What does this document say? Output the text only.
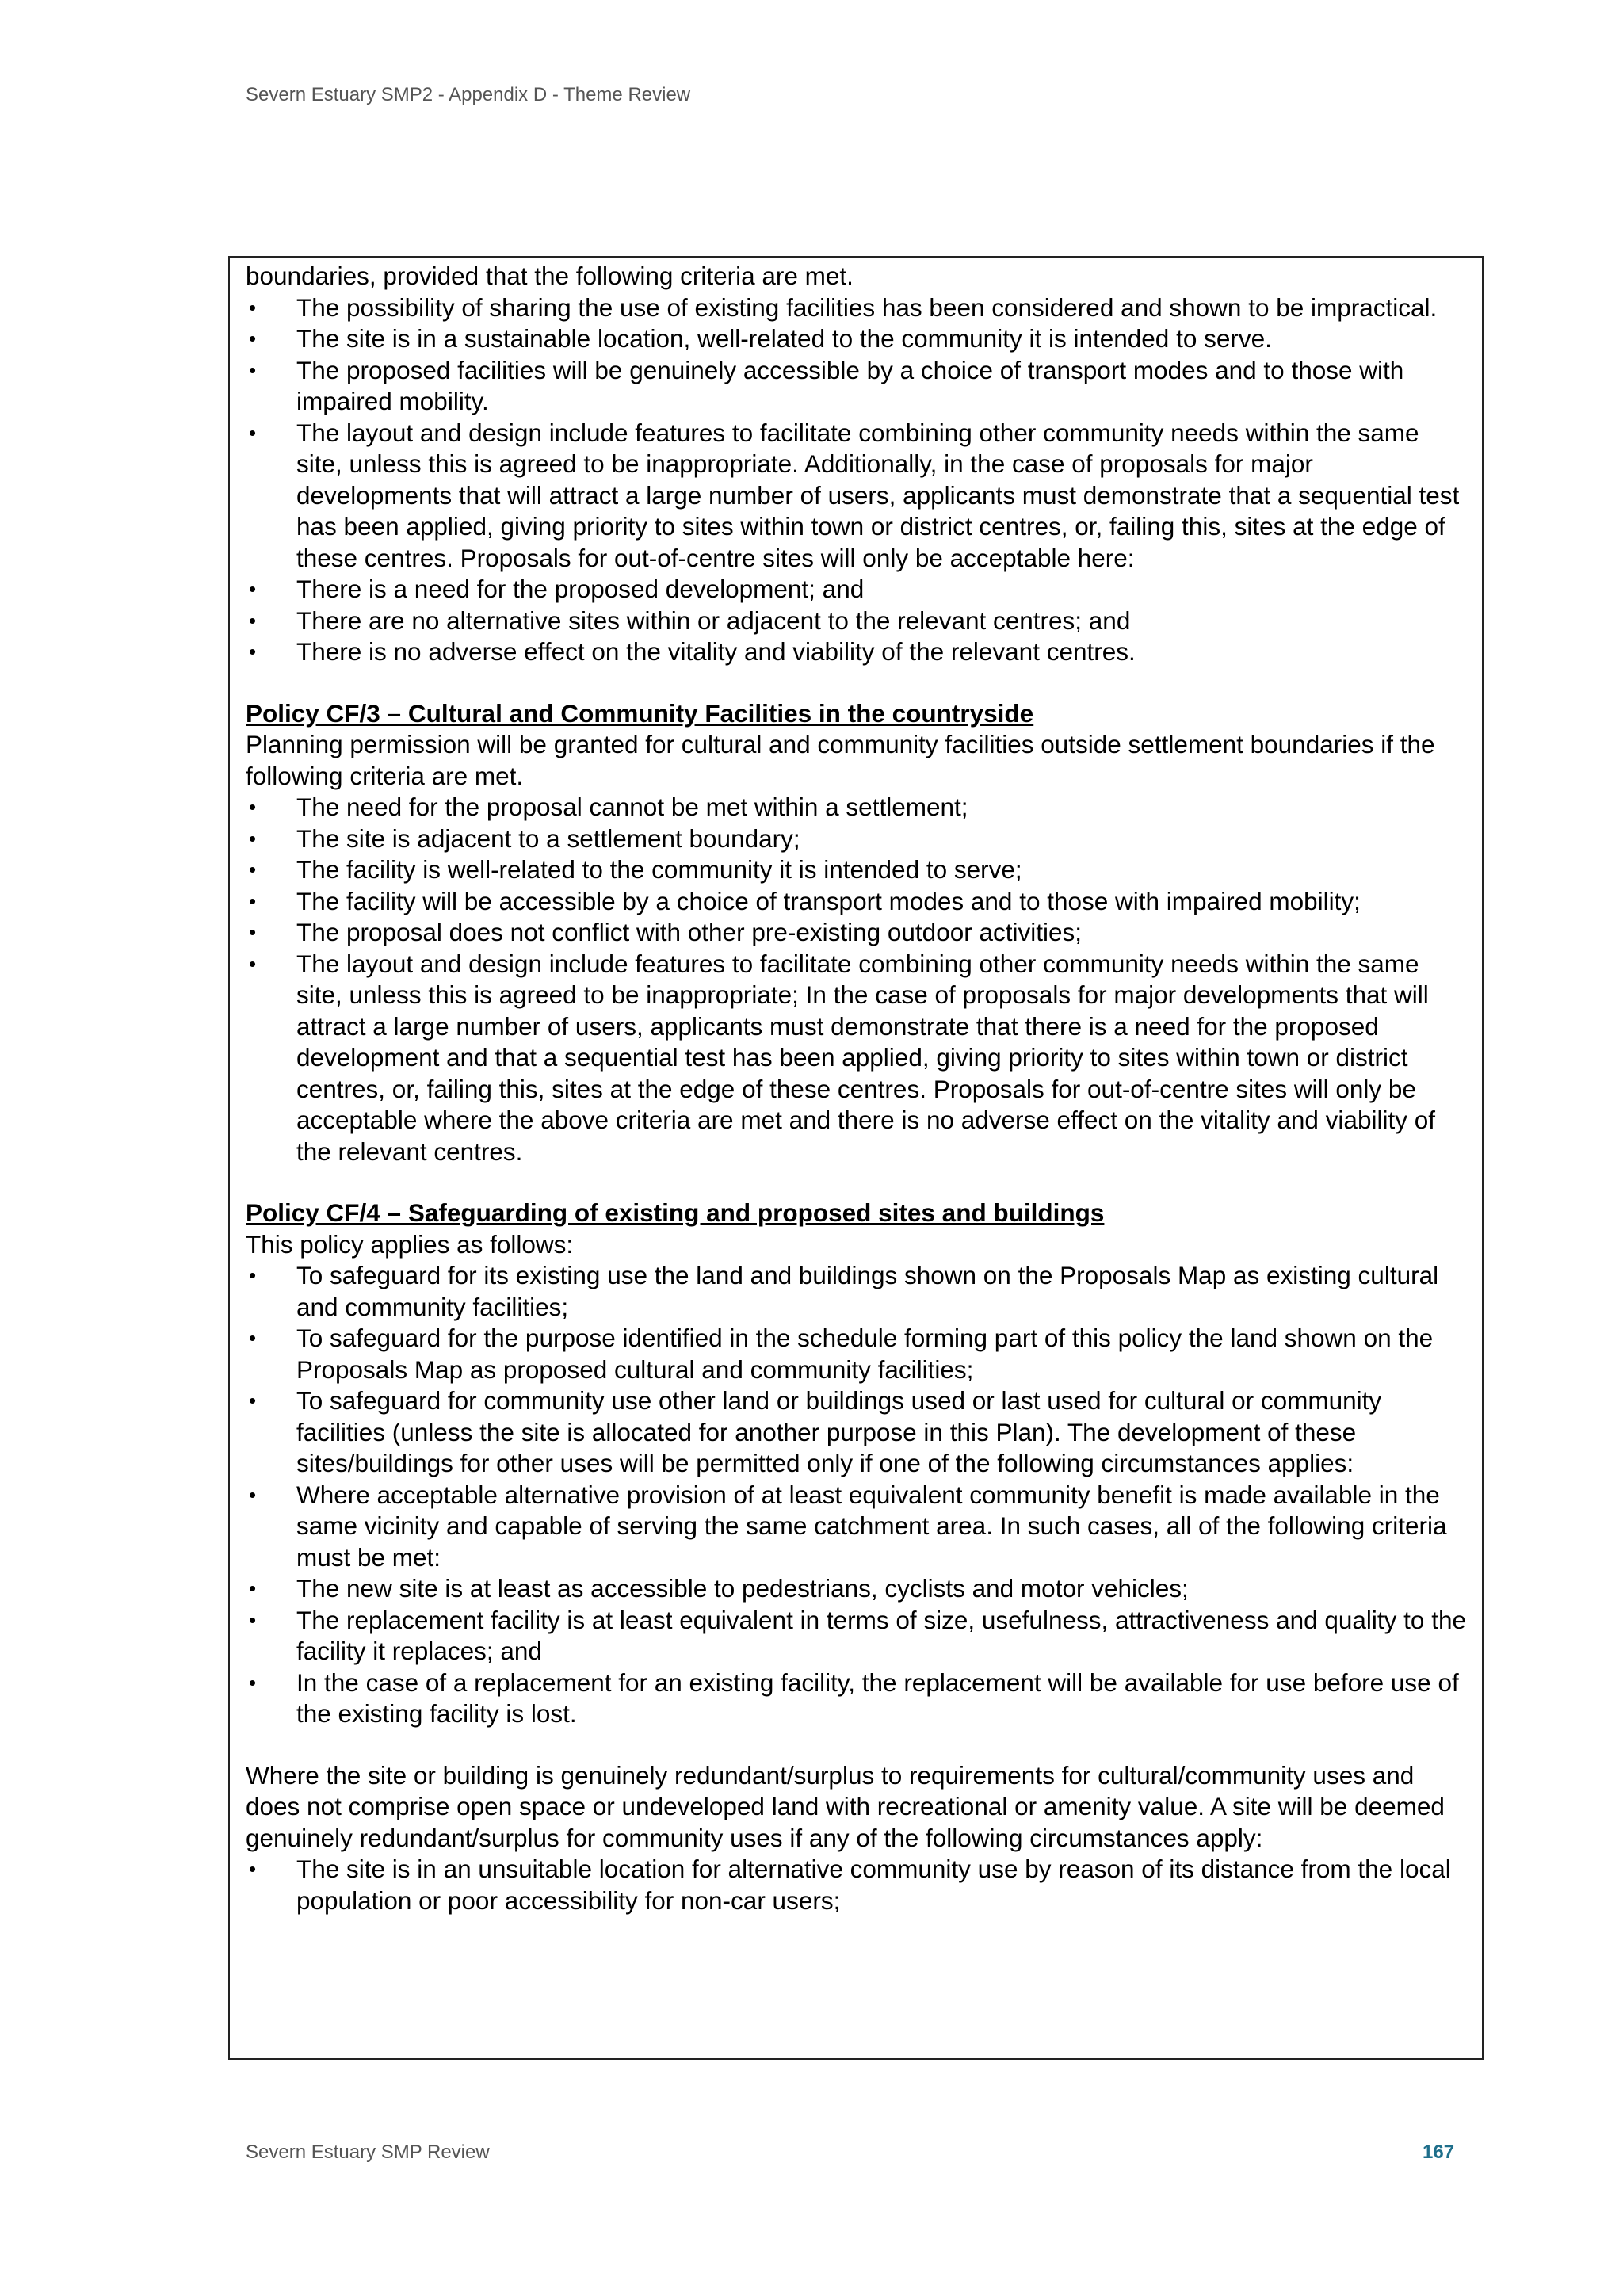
Severn Estuary SMP2 - Appendix D - Theme Review

boundaries, provided that the following criteria are met.

• The possibility of sharing the use of existing facilities has been considered and shown to be impractical.
• The site is in a sustainable location, well-related to the community it is intended to serve.
• The proposed facilities will be genuinely accessible by a choice of transport modes and to those with impaired mobility.
• The layout and design include features to facilitate combining other community needs within the same site, unless this is agreed to be inappropriate. Additionally, in the case of proposals for major developments that will attract a large number of users, applicants must demonstrate that a sequential test has been applied, giving priority to sites within town or district centres, or, failing this, sites at the edge of these centres. Proposals for out-of-centre sites will only be acceptable here:
• There is a need for the proposed development; and
• There are no alternative sites within or adjacent to the relevant centres; and
• There is no adverse effect on the vitality and viability of the relevant centres.

Policy CF/3 – Cultural and Community Facilities in the countryside

Planning permission will be granted for cultural and community facilities outside settlement boundaries if the following criteria are met.

• The need for the proposal cannot be met within a settlement;
• The site is adjacent to a settlement boundary;
• The facility is well-related to the community it is intended to serve;
• The facility will be accessible by a choice of transport modes and to those with impaired mobility;
• The proposal does not conflict with other pre-existing outdoor activities;
• The layout and design include features to facilitate combining other community needs within the same site, unless this is agreed to be inappropriate; In the case of proposals for major developments that will attract a large number of users, applicants must demonstrate that there is a need for the proposed development and that a sequential test has been applied, giving priority to sites within town or district centres, or, failing this, sites at the edge of these centres. Proposals for out-of-centre sites will only be acceptable where the above criteria are met and there is no adverse effect on the vitality and viability of the relevant centres.

Policy CF/4 – Safeguarding of existing and proposed sites and buildings

This policy applies as follows:

• To safeguard for its existing use the land and buildings shown on the Proposals Map as existing cultural and community facilities;
• To safeguard for the purpose identified in the schedule forming part of this policy the land shown on the Proposals Map as proposed cultural and community facilities;
• To safeguard for community use other land or buildings used or last used for cultural or community facilities (unless the site is allocated for another purpose in this Plan). The development of these sites/buildings for other uses will be permitted only if one of the following circumstances applies:
• Where acceptable alternative provision of at least equivalent community benefit is made available in the same vicinity and capable of serving the same catchment area. In such cases, all of the following criteria must be met:
• The new site is at least as accessible to pedestrians, cyclists and motor vehicles;
• The replacement facility is at least equivalent in terms of size, usefulness, attractiveness and quality to the facility it replaces; and
• In the case of a replacement for an existing facility, the replacement will be available for use before use of the existing facility is lost.

Where the site or building is genuinely redundant/surplus to requirements for cultural/community uses and does not comprise open space or undeveloped land with recreational or amenity value. A site will be deemed genuinely redundant/surplus for community uses if any of the following circumstances apply:

• The site is in an unsuitable location for alternative community use by reason of its distance from the local population or poor accessibility for non-car users;
Severn Estuary SMP Review	167
